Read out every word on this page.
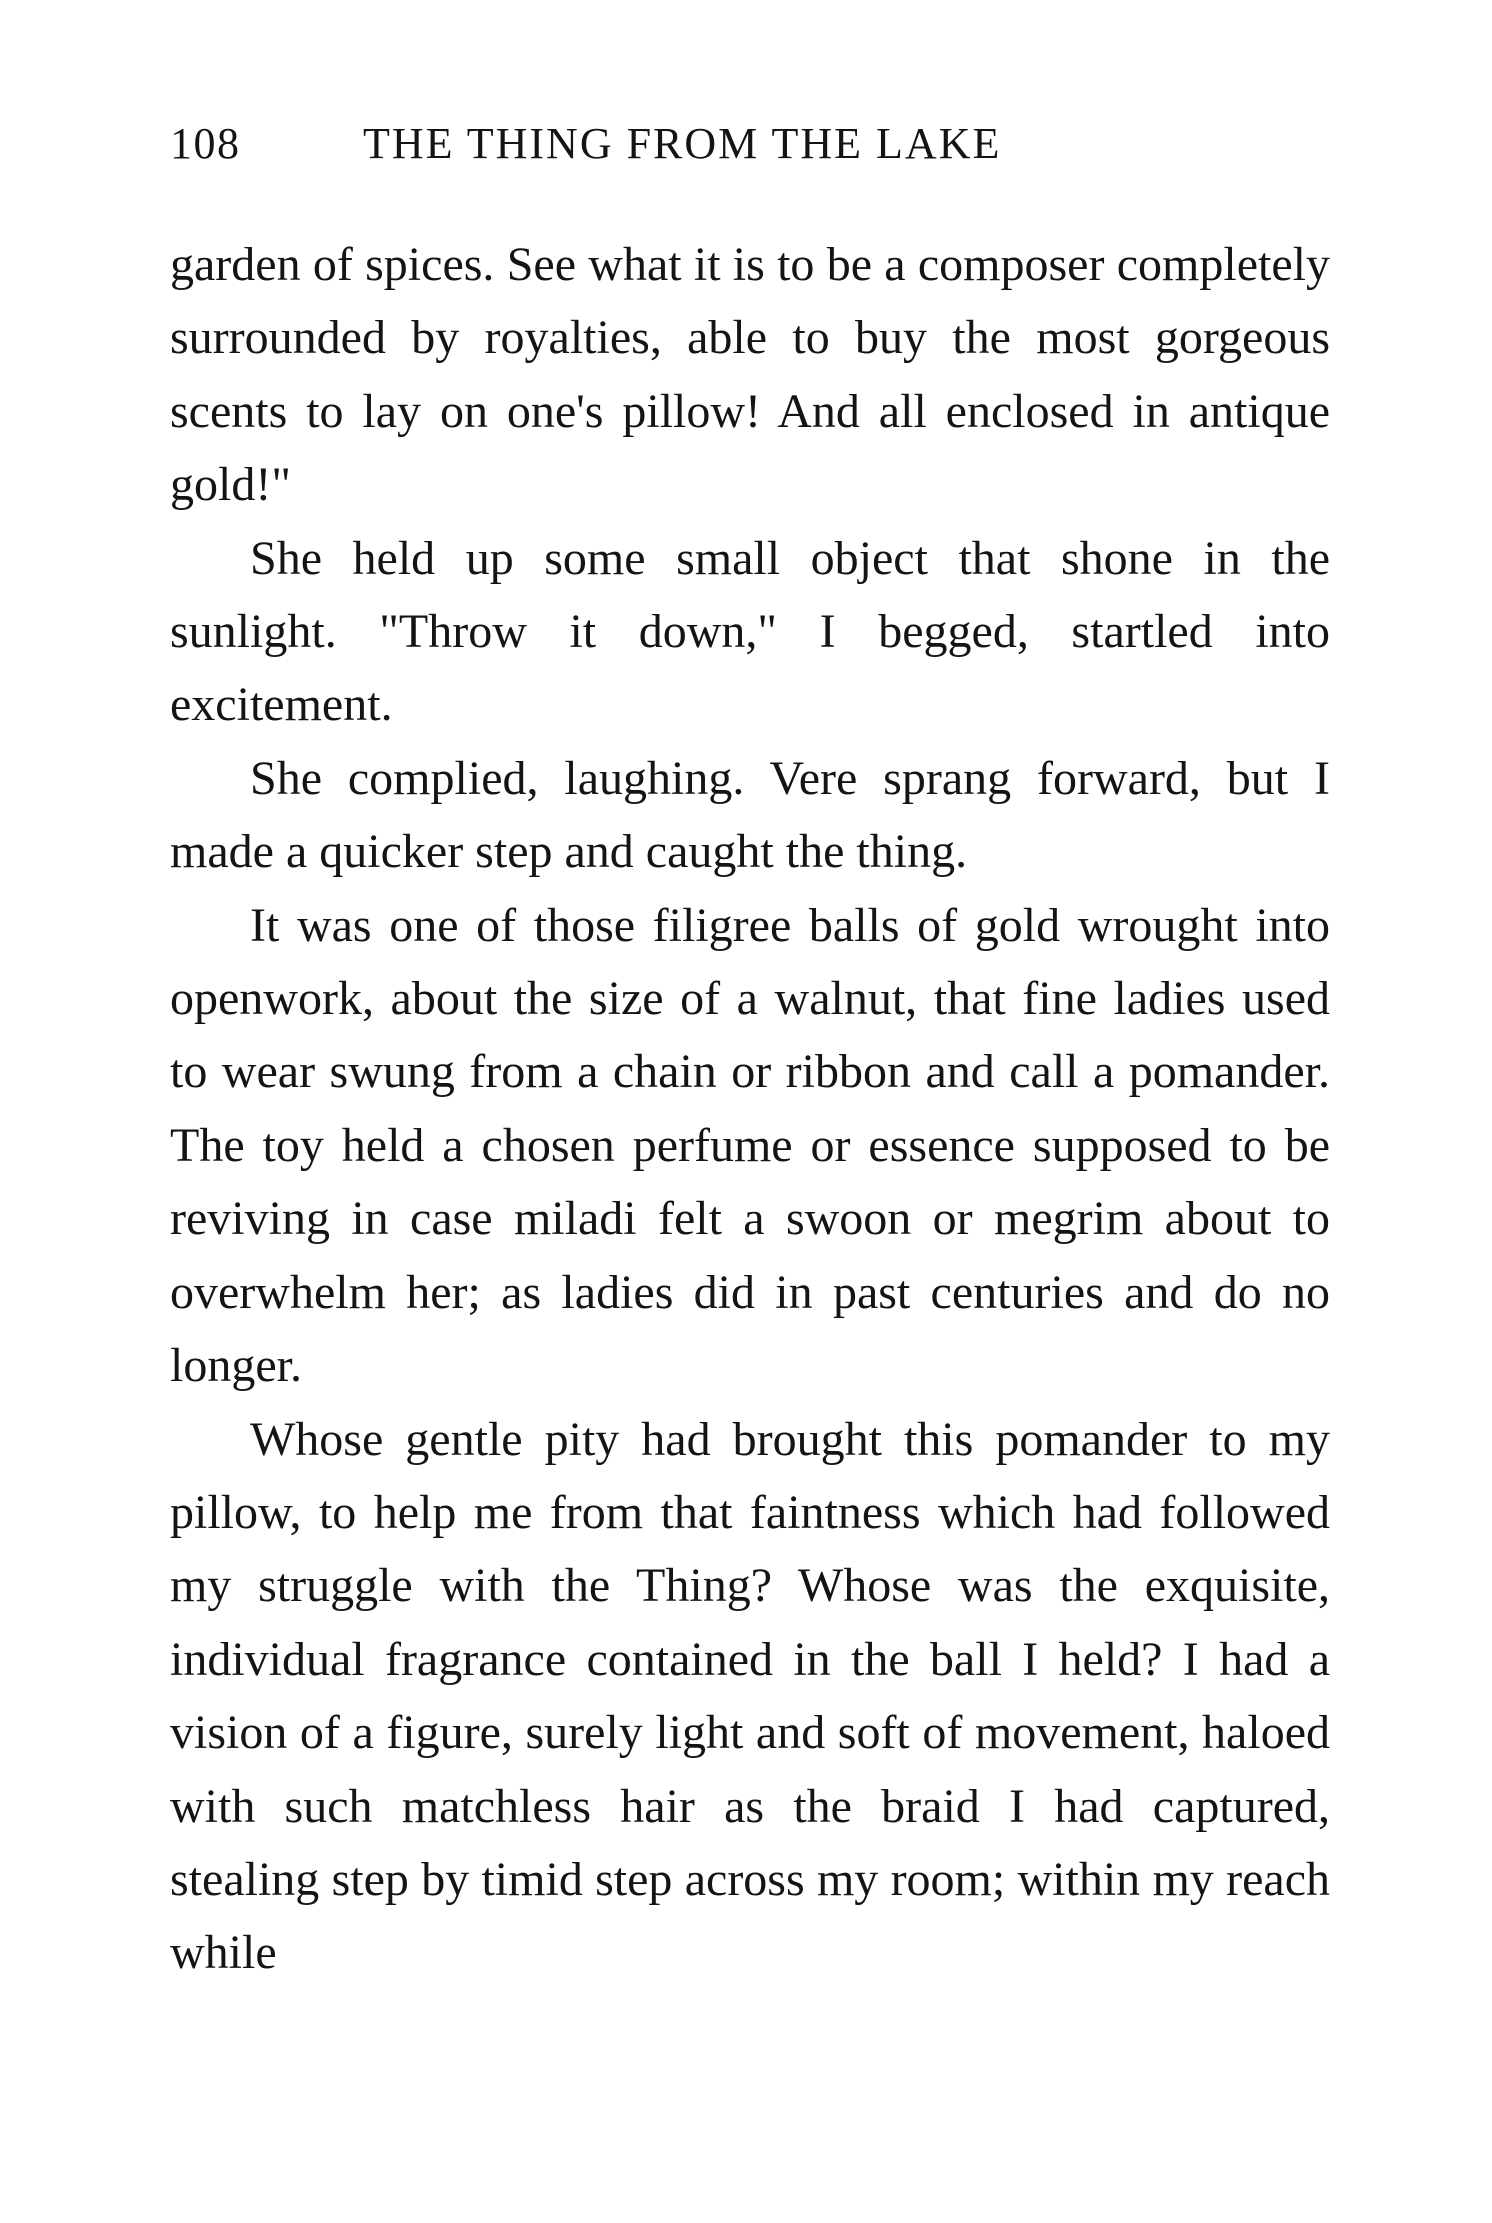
108	THE THING FROM THE LAKE

garden of spices. See what it is to be a composer completely surrounded by royalties, able to buy the most gorgeous scents to lay on one's pillow! And all enclosed in antique gold!"

She held up some small object that shone in the sunlight. "Throw it down," I begged, startled into excitement.

She complied, laughing. Vere sprang forward, but I made a quicker step and caught the thing.

It was one of those filigree balls of gold wrought into openwork, about the size of a walnut, that fine ladies used to wear swung from a chain or ribbon and call a pomander. The toy held a chosen perfume or essence supposed to be reviving in case miladi felt a swoon or megrim about to overwhelm her; as ladies did in past centuries and do no longer.

Whose gentle pity had brought this pomander to my pillow, to help me from that faintness which had followed my struggle with the Thing? Whose was the exquisite, individual fragrance contained in the ball I held? I had a vision of a figure, surely light and soft of movement, haloed with such matchless hair as the braid I had captured, stealing step by timid step across my room; within my reach while
